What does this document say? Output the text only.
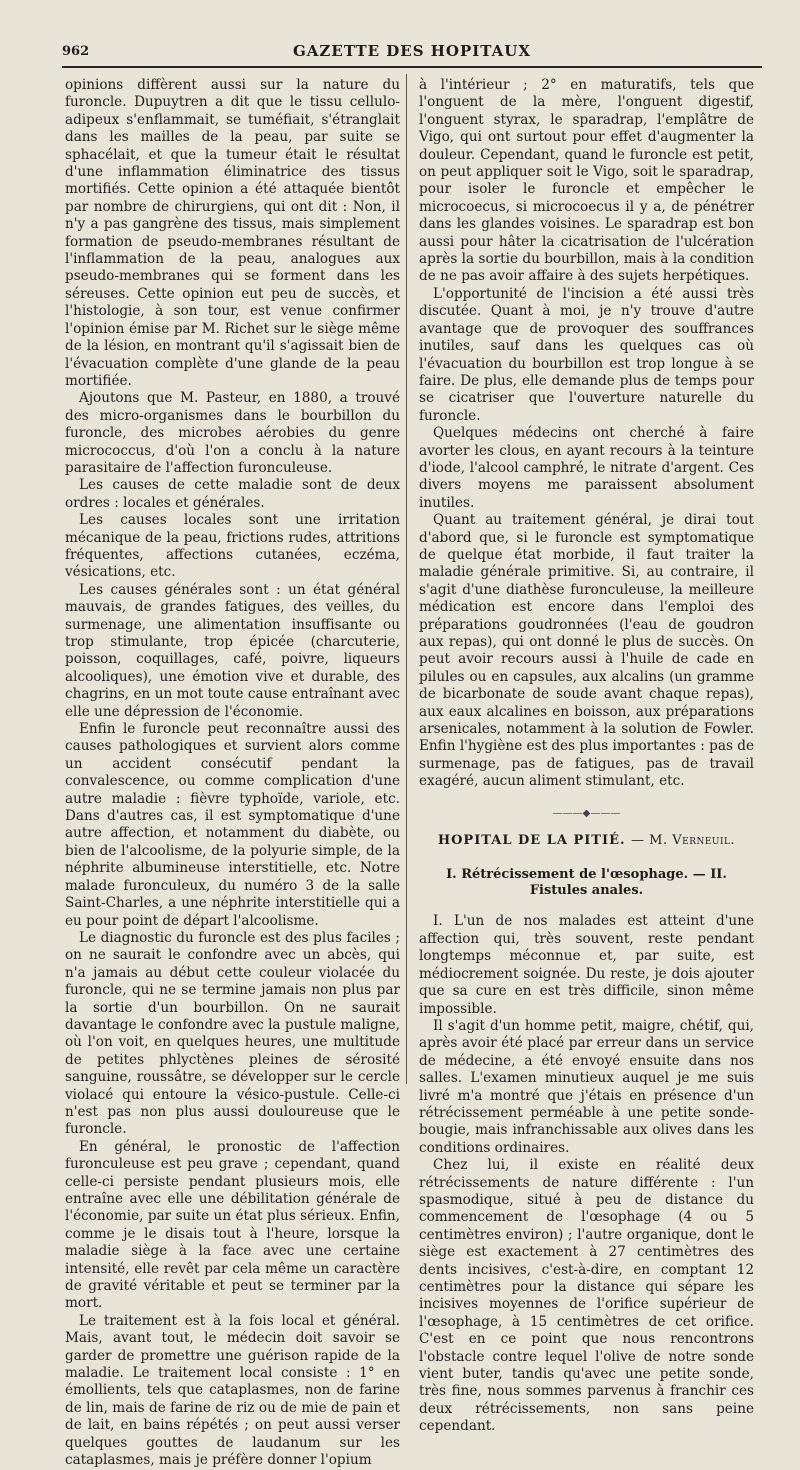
962	GAZETTE DES HOPITAUX

opinions diffèrent aussi sur la nature du furoncle. Dupuytren a dit que le tissu cellulo-adipeux s'enflammait, se tuméfiait, s'étranglait dans les mailles de la peau, par suite se sphacélait, et que la tumeur était le résultat d'une inflammation éliminatrice des tissus mortifiés. Cette opinion a été attaquée bientôt par nombre de chirurgiens, qui ont dit : Non, il n'y a pas gangrène des tissus, mais simplement formation de pseudo-membranes résultant de l'inflammation de la peau, analogues aux pseudo-membranes qui se forment dans les séreuses. Cette opinion eut peu de succès, et l'histologie, à son tour, est venue confirmer l'opinion émise par M. Richet sur le siège même de la lésion, en montrant qu'il s'agissait bien de l'évacuation complète d'une glande de la peau mortifiée.

Ajoutons que M. Pasteur, en 1880, a trouvé des micro-organismes dans le bourbillon du furoncle, des microbes aérobies du genre micrococcus, d'où l'on a conclu à la nature parasitaire de l'affection furonculeuse.

Les causes de cette maladie sont de deux ordres : locales et générales.

Les causes locales sont une irritation mécanique de la peau, frictions rudes, attritions fréquentes, affections cutanées, eczéma, vésications, etc.

Les causes générales sont : un état général mauvais, de grandes fatigues, des veilles, du surmenage, une alimentation insuffisante ou trop stimulante, trop épicée (charcuterie, poisson, coquillages, café, poivre, liqueurs alcooliques), une émotion vive et durable, des chagrins, en un mot toute cause entraînant avec elle une dépression de l'économie.

Enfin le furoncle peut reconnaître aussi des causes pathologiques et survient alors comme un accident consécutif pendant la convalescence, ou comme complication d'une autre maladie : fièvre typhoïde, variole, etc. Dans d'autres cas, il est symptomatique d'une autre affection, et notamment du diabète, ou bien de l'alcoolisme, de la polyurie simple, de la néphrite albumineuse interstitielle, etc. Notre malade furonculeux, du numéro 3 de la salle Saint-Charles, a une néphrite interstitielle qui a eu pour point de départ l'alcoolisme.

Le diagnostic du furoncle est des plus faciles ; on ne saurait le confondre avec un abcès, qui n'a jamais au début cette couleur violacée du furoncle, qui ne se termine jamais non plus par la sortie d'un bourbillon. On ne saurait davantage le confondre avec la pustule maligne, où l'on voit, en quelques heures, une multitude de petites phlyctènes pleines de sérosité sanguine, roussâtre, se développer sur le cercle violacé qui entoure la vésico-pustule. Celle-ci n'est pas non plus aussi douloureuse que le furoncle.

En général, le pronostic de l'affection furonculeuse est peu grave ; cependant, quand celle-ci persiste pendant plusieurs mois, elle entraîne avec elle une débilitation générale de l'économie, par suite un état plus sérieux. Enfin, comme je le disais tout à l'heure, lorsque la maladie siège à la face avec une certaine intensité, elle revêt par cela même un caractère de gravité véritable et peut se terminer par la mort.

Le traitement est à la fois local et général. Mais, avant tout, le médecin doit savoir se garder de promettre une guérison rapide de la maladie. Le traitement local consiste : 1° en émollients, tels que cataplasmes, non de farine de lin, mais de farine de riz ou de mie de pain et de lait, en bains répétés ; on peut aussi verser quelques gouttes de laudanum sur les cataplasmes, mais je préfère donner l'opium

à l'intérieur ; 2° en maturatifs, tels que l'onguent de la mère, l'onguent digestif, l'onguent styrax, le sparadrap, l'emplâtre de Vigo, qui ont surtout pour effet d'augmenter la douleur. Cependant, quand le furoncle est petit, on peut appliquer soit le Vigo, soit le sparadrap, pour isoler le furoncle et empêcher le microcoecus, si microcoecus il y a, de pénétrer dans les glandes voisines. Le sparadrap est bon aussi pour hâter la cicatrisation de l'ulcération après la sortie du bourbillon, mais à la condition de ne pas avoir affaire à des sujets herpétiques.

L'opportunité de l'incision a été aussi très discutée. Quant à moi, je n'y trouve d'autre avantage que de provoquer des souffrances inutiles, sauf dans les quelques cas où l'évacuation du bourbillon est trop longue à se faire. De plus, elle demande plus de temps pour se cicatriser que l'ouverture naturelle du furoncle.

Quelques médecins ont cherché à faire avorter les clous, en ayant recours à la teinture d'iode, l'alcool camphré, le nitrate d'argent. Ces divers moyens me paraissent absolument inutiles.

Quant au traitement général, je dirai tout d'abord que, si le furoncle est symptomatique de quelque état morbide, il faut traiter la maladie générale primitive. Si, au contraire, il s'agit d'une diathèse furonculeuse, la meilleure médication est encore dans l'emploi des préparations goudronnées (l'eau de goudron aux repas), qui ont donné le plus de succès. On peut avoir recours aussi à l'huile de cade en pilules ou en capsules, aux alcalins (un gramme de bicarbonate de soude avant chaque repas), aux eaux alcalines en boisson, aux préparations arsenicales, notamment à la solution de Fowler. Enfin l'hygiène est des plus importantes : pas de surmenage, pas de fatigues, pas de travail exagéré, aucun aliment stimulant, etc.

———◆———
HOPITAL DE LA PITIÉ. — M. Verneuil.
I. Rétrécissement de l'œsophage. — II. Fistules anales.

I. L'un de nos malades est atteint d'une affection qui, très souvent, reste pendant longtemps méconnue et, par suite, est médiocrement soignée. Du reste, je dois ajouter que sa cure en est très difficile, sinon même impossible.

Il s'agit d'un homme petit, maigre, chétif, qui, après avoir été placé par erreur dans un service de médecine, a été envoyé ensuite dans nos salles. L'examen minutieux auquel je me suis livré m'a montré que j'étais en présence d'un rétrécissement perméable à une petite sonde-bougie, mais infranchissable aux olives dans les conditions ordinaires.

Chez lui, il existe en réalité deux rétrécissements de nature différente : l'un spasmodique, situé à peu de distance du commencement de l'œsophage (4 ou 5 centimètres environ) ; l'autre organique, dont le siège est exactement à 27 centimètres des dents incisives, c'est-à-dire, en comptant 12 centimètres pour la distance qui sépare les incisives moyennes de l'orifice supérieur de l'œsophage, à 15 centimètres de cet orifice. C'est en ce point que nous rencontrons l'obstacle contre lequel l'olive de notre sonde vient buter, tandis qu'avec une petite sonde, très fine, nous sommes parvenus à franchir ces deux rétrécissements, non sans peine cependant.
